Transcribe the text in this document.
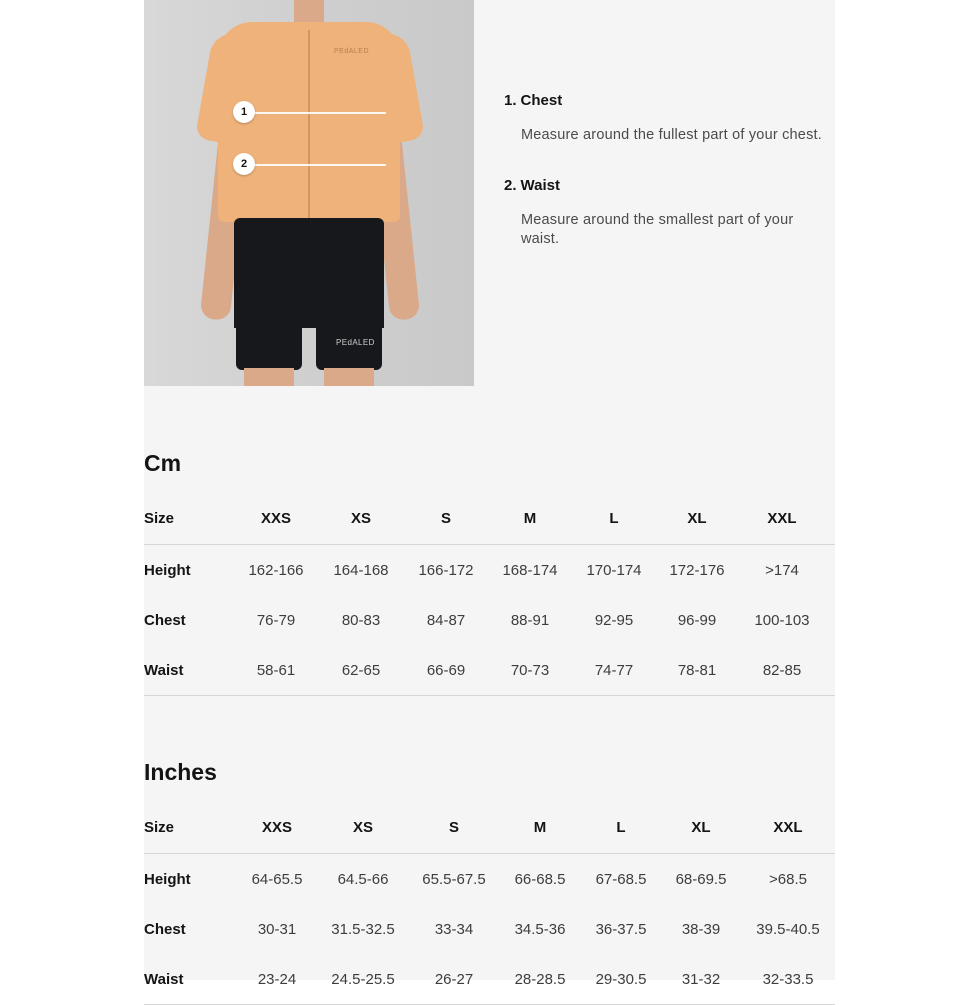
PEdALED
PEdALED
1
2
1. Chest
Measure around the fullest part of your chest.
2. Waist
Measure around the smallest part of your waist.
Cm
Size	XXS	XS	S	M	L	XL	XXL
Height	162-166	164-168	166-172	168-174	170-174	172-176	>174
Chest	76-79	80-83	84-87	88-91	92-95	96-99	100-103
Waist	58-61	62-65	66-69	70-73	74-77	78-81	82-85
Inches
Size	XXS	XS	S	M	L	XL	XXL
Height	64-65.5	64.5-66	65.5-67.5	66-68.5	67-68.5	68-69.5	>68.5
Chest	30-31	31.5-32.5	33-34	34.5-36	36-37.5	38-39	39.5-40.5
Waist	23-24	24.5-25.5	26-27	28-28.5	29-30.5	31-32	32-33.5
